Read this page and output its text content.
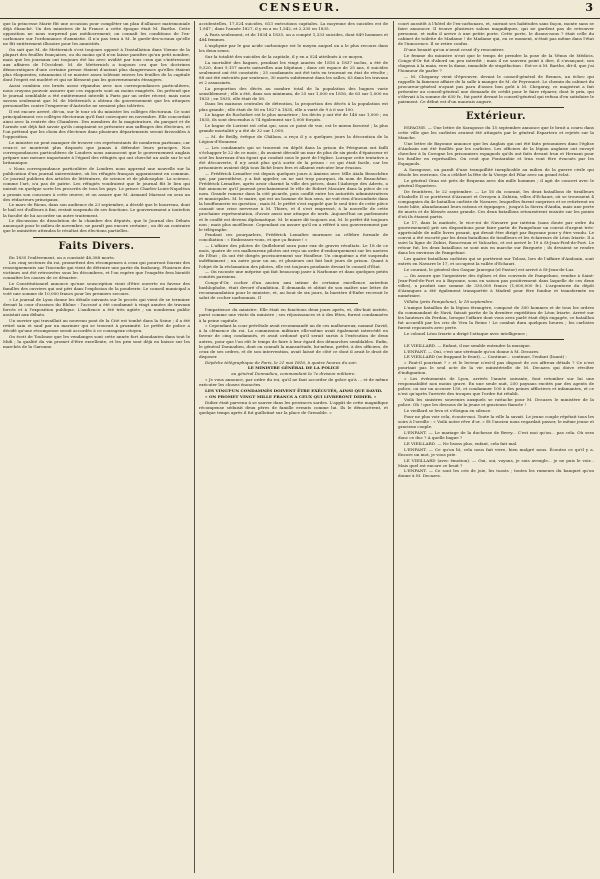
CENSEUR.	3

que la princesse Marie fût une occasion pour compléter un plan d'alliance matrimoniale déjà ébauché. Un des ministres de la France a cette époque était M. Barthe. Cette opposition ne nous surprend pas médiocrement; on connaît les conditions de l'ex-carbonaro sur l'ordonnance d'amnistie. Il n'a pas tenu à M. le garde-des-sceaux qu'elle ne fût entièrement illusoire pour les amnistiés.

On sait que M. de Metternich s'est toujours opposé à l'installation dans Vienne de la plupart des feuilles françaises, ou du moins qu'il n'en laisse paraître qu'un petit nombre, mais que les journaux ont toujours été lus avec avidité par tous ceux qui s'intéressent aux affaires de l'Occident. M. de Metternich a toujours cru que les doctrines démocratiques d'une certaine presse étaient d'autant plus dangereuses qu'elles étaient plus éloquentes; néanmoins il se montre assez tolérant envers les feuilles de la capitale dont l'esprit est modéré et qui ne blessent pas les gouvernements étrangers.

Aussi combien ces bruits assez répandus avec nos correspondances particulières, nous croyons pouvoir assurer que ces rapports sont au moins exagérés. On prétend que le journal semblable a été entièrement interdit à Paris par un ordre récent; mais nous savons seulement que M. de Metternich a obtenu du gouvernement que les attaques personnelles contre l'empereur d'Autriche ne seraient plus tolérées.

Il est encore arrivé, dit-on, sur le tour où du ministre les collèges électoraux. Ce sont principalement ces collèges électoraux qu'il faut convoquer en novembre. Elle concordait ainsi avec la rentrée des Chambres. Des membres de la magistrature, du parquet et de l'armée ont déjà fait savoir qu'ils comptaient se présenter aux suffrages des électeurs, et l'on prétend que les choix des électeurs dans plusieurs départements seront favorables à l'opposition.

Le ministre ne peut manquer de trouver ces représentants de nombreux partisans, car ceux-ci se montrent plus disposés que jamais à défendre leurs principes. Nos correspondances particulières de Londres nous annoncent que le gouvernement anglais prépare une mesure importante à l'égard des réfugiés qui ont cherché un asile sur le sol britannique.

« Nous correspondance particulière de Londres nous apprend une nouvelle sur la publication d'un journal universitaire, où les réfugiés français apparaissent en commun. Ce journal publiera des articles de littérature, de science et de philosophie. La science, comme l'art, n'a pas de patrie. Les réfugiés voudraient que le journal fût le lien qui unirait en quelque sorte les proscrits de tous les pays. Le prince Charles-Louis-Napoléon a promis son concours à cette œuvre, et on assure que M. Armand Marrast en sera un des rédacteurs principaux.

Le marc de Rioun, dans son audience du 23 septembre, a décidé que le bourreau, dont le bail est d'ailleurs à fini, restait suspendu de ses fonctions. Le gouvernement a toutefois la faculté de lui accorder un autre traitement.

Le discussion de dissolution de la chambre des députés, que le Journal des Débats annonçait pour le milieu de novembre, ne paraît pas encore certaine ; on dit au contraire que le ministère attendra le résultat des élections partielles.

Faits Divers.

En 1835 l'enlèvement, on a constaté 46,388 morts.

Les cinq secteurs du roi, promettent des récompenses à ceux qui pourront fournir des renseignements sur l'incendie qui vient de détruire une partie du faubourg. Plusieurs des victimes ont été retrouvées sous les décombres, et l'on espère que l'enquête fera bientôt connaître les causes de ce désastre.

Le Constitutionnel annonce qu'une souscription vient d'être ouverte en faveur des familles des ouvriers qui ont péri dans l'explosion de la poudrerie. Le conseil municipal a voté une somme de 10,000 francs pour les premiers secours.

« Le journal de Lyon donne les détails suivants sur le procès qui vient de se terminer devant la cour d'assises du Rhône : l'accusé a été condamné à vingt années de travaux forcés et à l'exposition publique. L'audience a été très agitée ; un nombreux public assistait aux débats.

Un ouvrier qui travaillait au nouveau pont de la Cité est tombé dans la Seine ; il a été retiré sain et sauf par un marinier qui se trouvait à proximité. Le préfet de police a décidé qu'une récompense serait accordée à ce courageux citoyen.

On écrit de Toulouse que les vendanges sont cette année fort abondantes dans tout le Midi ; la qualité du vin promet d'être excellente, et les prix sont déjà en baisse sur les marchés de la Garonne.

accidentelles, 17,524 suicides, 613 exécutions capitales. La moyenne des suicides est de 1,947 ; dans l'année 1827, il y en a eu 1,542, et 2,335 en 1835.

A Paris seulement, et de 1834 à 1835, on a compté 1,333 suicides, dont 849 hommes et 484 femmes.

L'asphyxie par le gaz acide carbonique est le moyen auquel on a le plus recours dans les deux sexes.

Sur la totalité des suicides de la capitale, il y en a 524 attribués à ce moyen.

La mortalité des bagnes, pendant les vingt années de 1816 à 1837 inclus, a été de 9,320, dont 9,157 morts naturelles aux hôpitaux ; dans cet espace de 25 ans, 6 suicides seulement ont été constatés ; 25 condamnés ont été tués en trouvant en état de révolte ; 88 ont été exécutés par sentence, 30 morts subitement dans les salles, 63 dans les travaux et 2 assassinés.

La proportion des décès au nombre total de la population des bagnes varie sensiblement ; elle a été, dans son minimum, de 25 sur 1,000 en 1816, de 63 sur 1,000 en 1833 ; en 1835, elle était de 58.

Dans les maisons centrales de détention, la proportion des décès à la population est plus grande ; elle était de 56 en 1827 à 1835, elle a varié de 9 à 6 sur 100.

Le bagne de Rochefort est le plus meurtrier ; les décès y ont été de 148 sur 1,000 ; en 1835, ils sont descendus à 74 également sur 1,000 forçats.

Le bagne de Lorient est celui qui, sous ce point de vue, est le mieux favorisé ; la plus grande mortalité y a été de 32 sur 1,000.

— M. de Beilly, évêque de Châlons, a reçu il y a quelques jours la décoration de la Légion-d'Honneur.

— Les condamnés qui se trouvent en dépôt dans la prison de Périgueux ont failli s'échapper le 22 de ce mois ; ils avaient déroulé un mur de plus de six pieds d'épaisseur et scié les barreaux d'un égout qui conduit sous le pavé de l'église. Lorsque cette tentative a été découverte, il n'y avait plus qu'à sortir de la prison : ce qui était facile, car les prisonniers avaient déjà tous lâché leurs fers et allaient exécuter leur évasion.

— Frédérick Lemaître est depuis quelques jours à Amiens avec Mlle Atala Beauchêne qui, par parenthèse, y a fait appeler, on ne sait trop pourquoi, du nom de Beauchêne. Frédérick Lemaître, après avoir charmé la ville des pièces, dans l'Auberge des Adrets, a fait annoncer qu'il jouerait prochainement le rôle de Robert Macaire dans la pièce de ce nom. Grande rumeur dans la cité picarde, puis conflit entre les autorités administratives et municipales. M. le maire, qui est un homme de bon sens, ne voit rien d'inconduite dans la bouffonnerie en question ; mais M. le préfet s'est rappelé que le seul titre de cette pièce causait une crise nerveuse à M. Thiers, et il s'est empressé, à la nouvelle de cette prochaine représentation, d'avoir aussi une attaque de nerfs. Aujourd'hui on parlemente et le conflit est devenu diplomatique. M. le maire dit toujours oui, M. le préfet dit toujours non ; mais plus moëlleuse. Cependant on assure qu'il en a référé à son gouvernement par le télégraphe.

Pendant ces pourparlers, Frédérick Lemaître murmure sa célèbre formule de conciliation : « Embrassez-vous, et que ça finisse ! »

— L'affaire des pilotes de Quillebœuf aura pour eux de graves résultats. Le 18 de ce mois, quatre de ces malheureux pilotes ont reçu un ordre d'embarquement sur les navires de l'État ; ils ont été dirigés provisoirement sur Honfleur. Un cinquième a été suspendu indéfiniment ; un autre pour un an, et plusieurs ont fait huit jours de prison. Quant à l'objet de la réclamation des pilotes, elle est toujours pendante devant le conseil d'État.

— On raconte une méprise qui fait beaucoup jaser à Narbonne et dans quelques petits comités parisiens.

Congo-d'Or, cocher d'un ancien ami intime de certaine excellence autrefois bashlophobe, était devoré d'ambition. Il demanda et obtint de son maître une lettre de recommandation pour le ministre, et, au bout de six jours, la barrière d'Enfer recevait le salut de cocher narbonnais. Il

l'impatience du ministre. Elle était en fonctions deux jours après, et, dès-huit invitée, parut comme une visite du ministre ; ses réjouissances et à des fêtes, furent condamnées à la peine capitale.

« Cependant la cour prévôtale avait recommandé un de ces malheureux, nommé David, à la clémence du roi. La commission militaire elle-même avait également intercédé en faveur de cinq condamnés, et avait ordonné qu'il serait sursis à l'exécution de deux autres, pour que l'on eût le temps de faire à leur égard des démarches semblables. Enfin, le général Donnadieu, dont on connaît la mansuétude, lui-même, préfet, à des officiers, de ceux de ses ordres, et de son intervention, avait laissé de côté ce dont il avait le droit de disposer.

Dépêche télégraphique de Paris, le 21 mai 1816, à quatre heures du soir.

LE MINISTRE GÉNÉRAL DE LA POLICE

au général Donnadieu, commandant la 7e division militaire.

« Je vous annonce, par ordre du roi, qu'il ne faut accorder de grâce qu'à ... et de même exécuter les choses énoncées.

LES VINGT-UN CONDAMNÉS DOIVENT ÊTRE EXÉCUTÉS, AINSI QUE DAVID.

« ON PROMET VINGT MILLE FRANCS A CEUX QUI LIVRERONT DIDIER. »

Didier était parvenu à se sauver dans les provinces sardes. L'appât de cette magnifique récompense séduisit deux pères de famille errants comme lui. Ils le dénoncèrent, et quelque temps après il fut guillotiné sur la place de Grenoble. »

court aussitôt à l'hôtel de l'ex-carbonaro, et, suivant ses habitudes sans façon, monte sans se faire annoncer. Il trouve plusieurs salons magnifiques, qui ne gardent pas de retrouver personne, et enfin il arrive à une petite porte. Cette porte, le disons-nous ? était celle du cabinet de toilette de Madame ! de Madame qui, en ce moment, n'était pas même dans l'état de l'innocence. Il se retire confus.

D'une beauté qu'on n'avait cessé d'y rencontrer.

Le femme du ministre n'eut que le temps de prendre la pose de la Vénus de Médicis. Congo-d'Or fut d'abord un peu interdit ; mais il ne sauvera point à dire, il s'avançant, son chapeau à la main, vers la dame, immobile de stupéfaction : Est-ce à M. Barthe, dit-il, que j'ai l'honneur de parler ?

— M. Chegaray vient d'éprouver, devant le conseil-général de Rennes, un échec qui rappelle la fameuse affaire de la salle à manger de M. de Peyronnet. Le chemin du cabinet du procureur-général n'ayant pas paru d'assez bon goût à M. Chegaray, ce magistrat a fait présenter au conseil-général une demande de crédit pour le faire réparer, dont le prix, qui s'élevait à la somme de 630 fr., fut porté devant le conseil-général qui refusa d'en satisfaire le paiement. Ce début est d'un mauvais augure.

Extérieur.

ESPAGNE. — Une lettre de Saragosse du 15 septembre annonce que le bruit a couru dans cette ville que les carlistes avaient été attaqués par le général Espartero et rejetés sur la Manche.

Une lettre de Bayonne annonce que les Anglais qui ont été faits prisonniers dans l'église d'Andoain ont été fusillés par les carlistes. Les officiers de la légion anglaise ont envoyé chercher à la Corogne les prisonniers espagnols qu'ils ont faits devant Irun et Hernani pour les fusiller en représailles. On croit que Fontarabie et Irun vont être évacués par les Espagnols.

A Saragosse, on paraît d'une tranquillité inexplicable au milieu de la guerre civile qui désole les environs. On a célébré la fête de la Vierge del Pilar avec un grand éclat.

Le général Oraa est près de Requena avec dix mille hommes ; il agit de concert avec le général Espartero.

De frontières, le 22 septembre. — Le 16 du courant, les deux bataillons de tirailleurs d'Isabelle II se portèrent d'Arzanet et Orroyen à Zubiria, villes d'Echauri, où se trouvaient 4 compagnies du 4e bataillon carliste de Navarre, lesquelles furent surprises et se retirèrent en toute hâte, abandonnant leurs rations et équipages ; jusqu'à la Sierra d'Andia, mais une perte de morts et de blessés assez grande. Ces deux bataillons retournèrent ensuite sur les points d'où ils étaient partis.

Le 17, dans la matinée, le vice-roi de Navarre par intérim (sans doute par ordre du gouvernement) prit ses dispositions pour faire partir de Pampelune un convoi d'argent très-appréciable de mille livres pesant, qui devait être dirigé par Bayonne pour y être vendu. Le convoi a été escorté par les deux bataillons de tirailleurs et les éclaireurs de Léon Iriarte. Il a suivi la ligne de Zubiri, Roncevaux et Valcarlos, et est arrivé le 19 à St-Jean-Pied-de-Port. Le retour fut, les deux bataillons se sont mis en marche sur Burguete ; ils devaient se rendre dans les environs de Pampelune.

Les quatre bataillons carlistes qui se portèrent sur Toloza, lors de l'affaire d'Andoain, sont entrés en Navarre le 17, et occupent la vallée d'Echauri.

Le courant, le général don Gaspar Jauregui (el Pastor) est arrivé à St-Jean-de-Luz.

— On assure que l'argenterie des églises et des couvents de Pampelune, vendue à Saint-Jean-Pied-de-Port ou à Bayonne, sous en saison pas positivement dans laquelle de ces deux villes), a produit une somme de 330,000 francs (1,600,000 fr.). L'argenterie du dépôt d'Aranguez a été également transportée à Madrid pour être fondue et transformée en numéraire.

Villaba (près Pampelune), le 18 septembre.

L'unique bataillon de la légion étrangère, composé de 300 hommes et de tous les ordres du commandant de Navá, faisait partie de la dernière expédition de Léon Iriarte. Arrivé sur les hauteurs du Perdon, lorsque l'affaire dont vous avez parlé était déjà engagée, ce bataillon fut accueilli par les cris de Viva la Reine ! Le combat dura quelques heures ; les carlistes furent repoussés avec perte.

Le colonel Léon Iriarte a dirigé l'attaque avec intelligence ;

LE VIEILLARD. — Enfant, il me semble entendre la musique.

L'ENFANT. — Oui, c'est une sérénade qu'on donne à M. Decazes.

LE VIEILLARD (se frappant le front). — Continue... continue, l'enfant (lisant) :

« Faut-il pourtant ? » et le lecteur n'est-il pas disposé de ces affreux détails ? Ce n'est pourtant pas le seul acte de la vie ministérielle de M. Decazes qui doive révolter d'indignation.

« Les événements de Lyon, arrivés l'année suivante, font retomber sur lui une responsabilité non moins grave. En une seule nuit, 250 paysans excités par des agents de police, ou sur un accuser 150, et condamner 100 à des peines afflictives et infamantes, et ce n'est qu'après l'arrivée des troupes que l'ordre fut rétabli.

Voilà les sinistres souvenirs auxquels se rattache pour M. Decazes le ministère de la police. Oh ! que les dessous de la jeune et gracieuse fiancée !

Le vieillard se leva et s'éloigna en silence.

Pour ne plus voir cela, écoute-moi. Toute la ville la savait. Le jeune couple répétait tous les soirs à l'oreille : « Voilà notre rêve d'or. » Et l'ancien nous regardait passer, le même jeune et gracieux couple.

L'ENFANT. — Le mariage de la duchesse de Berry... C'est moi qu'on... pas cela. Où sera donc ce duc ? A quelle bague ?

LE VIEILLARD. — Ne lisons plus, enfant, cela fait mal.

L'ENFANT. — Ce qu'on lit, cela nous fait vivre, bien malgré nous. Écoutez ce qu'il y a. Encore un mot, je vous prie.

LE VIEILLARD (avec émotion). — Oui, oui, voyons, je suis aveugle... je ne puis le voir... Mais quel est encore ce bruit ?

L'ENFANT. — Ce sont les cris de joie, les toasts ; toutes les rumeurs du banquet qu'on donne à M. Decazes.
